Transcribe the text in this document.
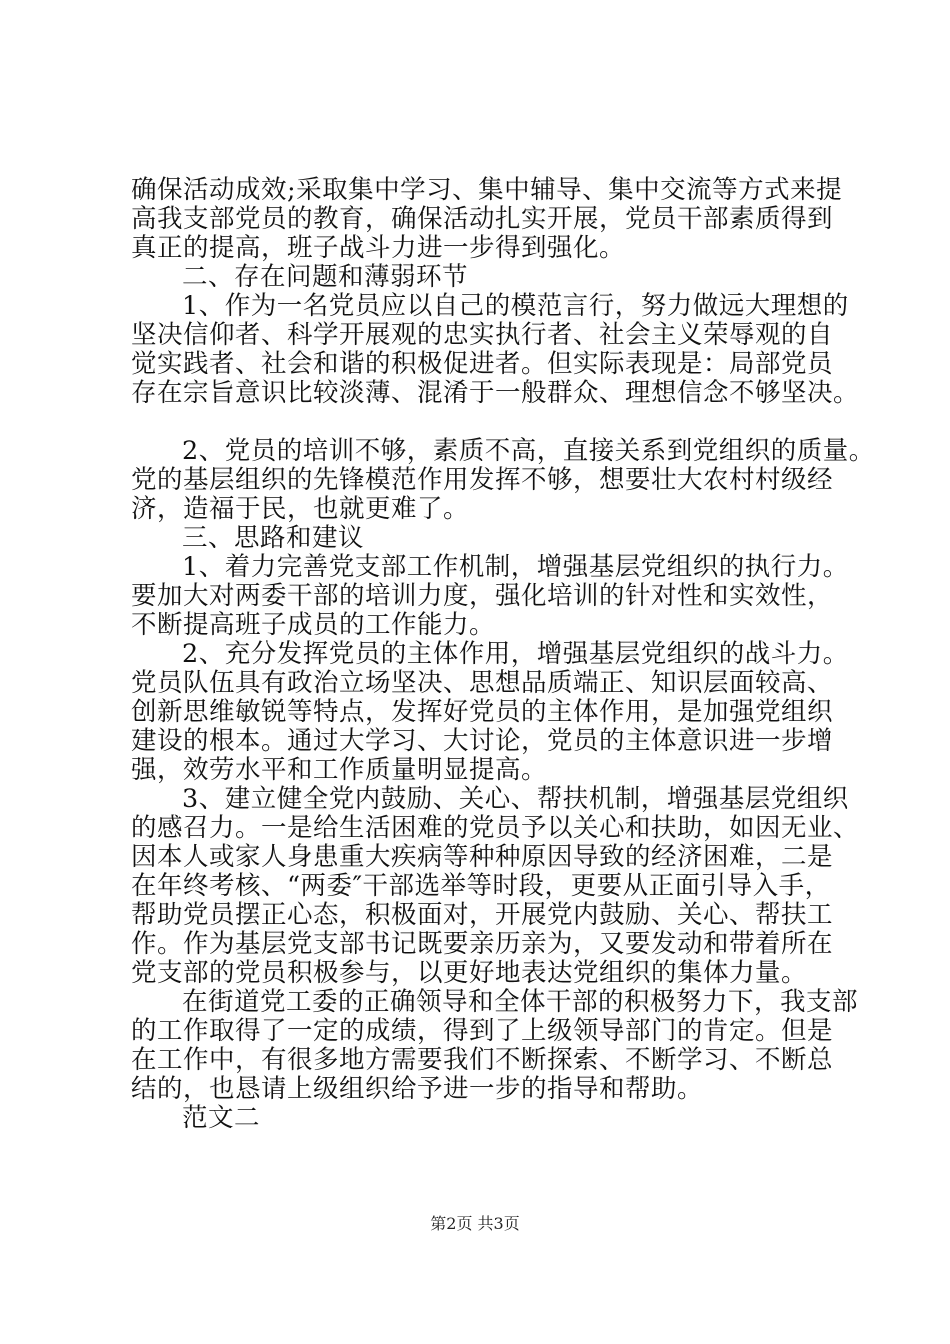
确保活动成效;采取集中学习、集中辅导、集中交流等方式来提
高我支部党员的教育，确保活动扎实开展，党员干部素质得到
真正的提高，班子战斗力进一步得到强化。
二、存在问题和薄弱环节
1、作为一名党员应以自己的模范言行，努力做远大理想的
坚决信仰者、科学开展观的忠实执行者、社会主义荣辱观的自
觉实践者、社会和谐的积极促进者。但实际表现是：局部党员
存在宗旨意识比较淡薄、混淆于一般群众、理想信念不够坚决。
2、党员的培训不够，素质不高，直接关系到党组织的质量。
党的基层组织的先锋模范作用发挥不够，想要壮大农村村级经
济，造福于民，也就更难了。
三、思路和建议
1、着力完善党支部工作机制，增强基层党组织的执行力。
要加大对两委干部的培训力度，强化培训的针对性和实效性，
不断提高班子成员的工作能力。
2、充分发挥党员的主体作用，增强基层党组织的战斗力。
党员队伍具有政治立场坚决、思想品质端正、知识层面较高、
创新思维敏锐等特点，发挥好党员的主体作用，是加强党组织
建设的根本。通过大学习、大讨论，党员的主体意识进一步增
强，效劳水平和工作质量明显提高。
3、建立健全党内鼓励、关心、帮扶机制，增强基层党组织
的感召力。一是给生活困难的党员予以关心和扶助，如因无业、
因本人或家人身患重大疾病等种种原因导致的经济困难，二是
在年终考核、“两委″干部选举等时段，更要从正面引导入手，
帮助党员摆正心态，积极面对，开展党内鼓励、关心、帮扶工
作。作为基层党支部书记既要亲历亲为，又要发动和带着所在
党支部的党员积极参与，以更好地表达党组织的集体力量。
在街道党工委的正确领导和全体干部的积极努力下，我支部
的工作取得了一定的成绩，得到了上级领导部门的肯定。但是
在工作中，有很多地方需要我们不断探索、不断学习、不断总
结的，也恳请上级组织给予进一步的指导和帮助。
范文二
第2页 共3页
